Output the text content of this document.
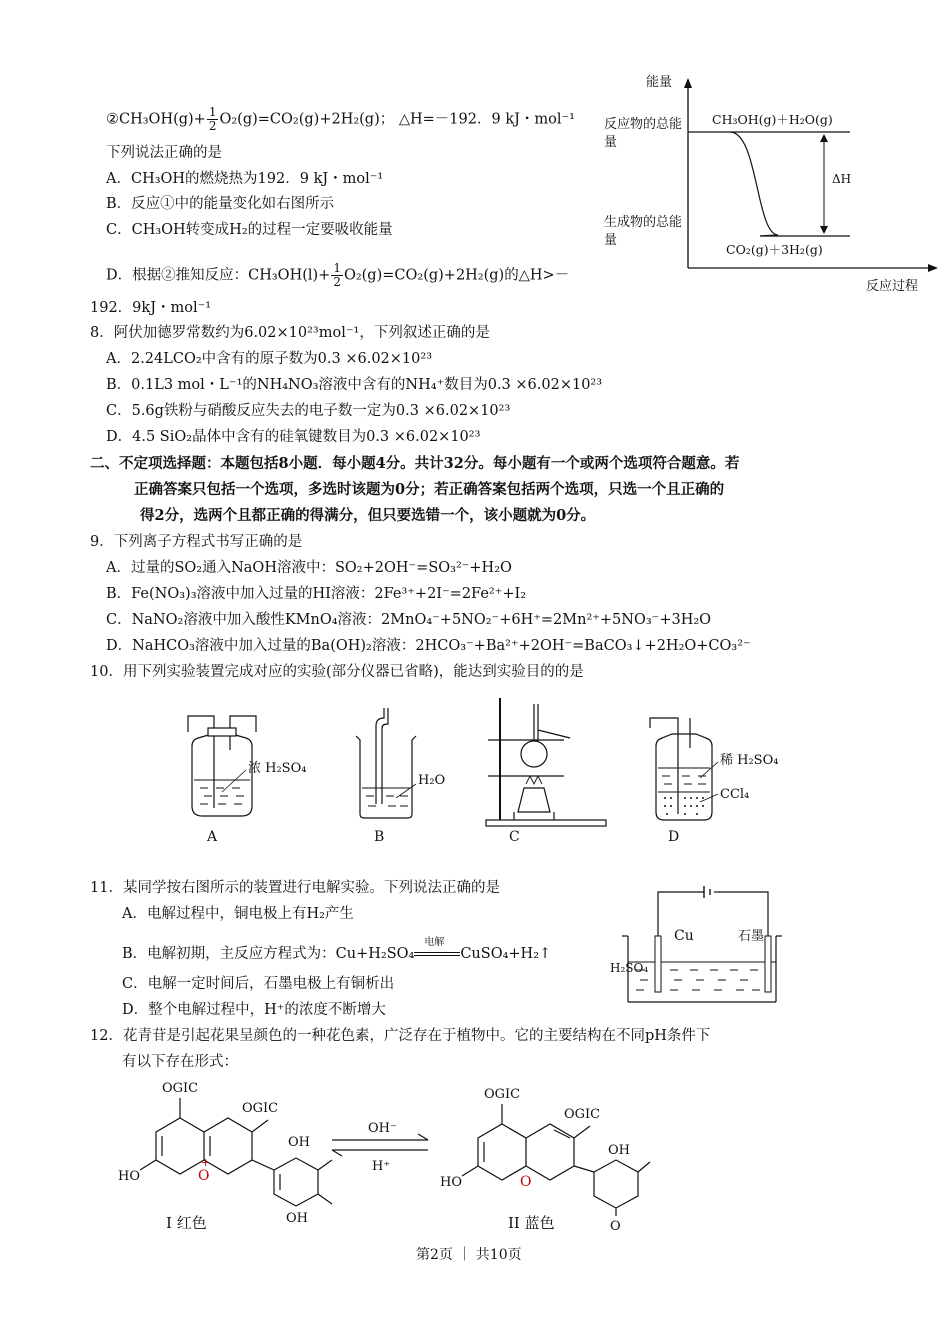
②CH₃OH(g)+ $\frac{1}{2} O_2(g)=CO_2(g)+2H_2(g)$； △H=－192．9 kJ・mol⁻¹
下列说法正确的是
A．CH₃OH的燃烧热为192．9 kJ・mol⁻¹
B．反应①中的能量变化如右图所示
C．CH₃OH转变成H₂的过程一定要吸收能量
D．根据②推知反应：$CH_3OH(l)+ \frac{1}{2} O_2(g)=CO_2(g)+2H_2(g)$的△H>－
192．9kJ・mol⁻¹
能量
反应过程
ΔH
CH₃OH(g)＋H₂O(g)
CO₂(g)＋3H₂(g)
反应物的总能量
生成物的总能量
8．阿伏加德罗常数约为6.02×10²³mol⁻¹，下列叙述正确的是
A．2.24LCO₂中含有的原子数为0.3 ×6.02×10²³
B．0.1L3 mol・L⁻¹的NH₄NO₃溶液中含有的NH₄⁺数目为0.3 ×6.02×10²³
C．5.6g铁粉与硝酸反应失去的电子数一定为0.3 ×6.02×10²³
D．4.5 SiO₂晶体中含有的硅氧键数目为0.3 ×6.02×10²³
二、不定项选择题：本题包括8小题．每小题4分。共计32分。每小题有一个或两个选项符合题意。若
正确答案只包括一个选项，多选时该题为0分；若正确答案包括两个选项，只选一个且正确的
得2分，选两个且都正确的得满分，但只要选错一个，该小题就为0分。
9．下列离子方程式书写正确的是
A．过量的SO₂通入NaOH溶液中：SO₂+2OH⁻=SO₃²⁻+H₂O
B．Fe(NO₃)₃溶液中加入过量的HI溶液：2Fe³⁺+2I⁻=2Fe²⁺+I₂
C．NaNO₂溶液中加入酸性KMnO₄溶液：2MnO₄⁻+5NO₂⁻+6H⁺=2Mn²⁺+5NO₃⁻+3H₂O
D．NaHCO₃溶液中加入过量的Ba(OH)₂溶液：2HCO₃⁻+Ba²⁺+2OH⁻=BaCO₃↓+2H₂O+CO₃²⁻
10．用下列实验装置完成对应的实验(部分仪器已省略)，能达到实验目的的是
浓 H₂SO₄
H₂O
稀 H₂SO₄
CCl₄
A	B	C	D
11．某同学按右图所示的装置进行电解实验。下列说法正确的是
A．电解过程中，铜电极上有H₂产生
B．电解初期，主反应方程式为：Cu+H₂SO₄
电解
CuSO₄+H₂↑
C．电解一定时间后，石墨电极上有铜析出
D．整个电解过程中，H⁺的浓度不断增大
Cu	石墨
H₂SO₄
12．花青苷是引起花果呈颜色的一种花色素，广泛存在于植物中。它的主要结构在不同pH条件下
有以下存在形式：
OGIC
OGIC
HO	O
+
OH
OH
OH⁻
H⁺
OGIC
OGIC
HO	O
OH
O
I 红色	II 蓝色
第2页 ｜ 共10页
